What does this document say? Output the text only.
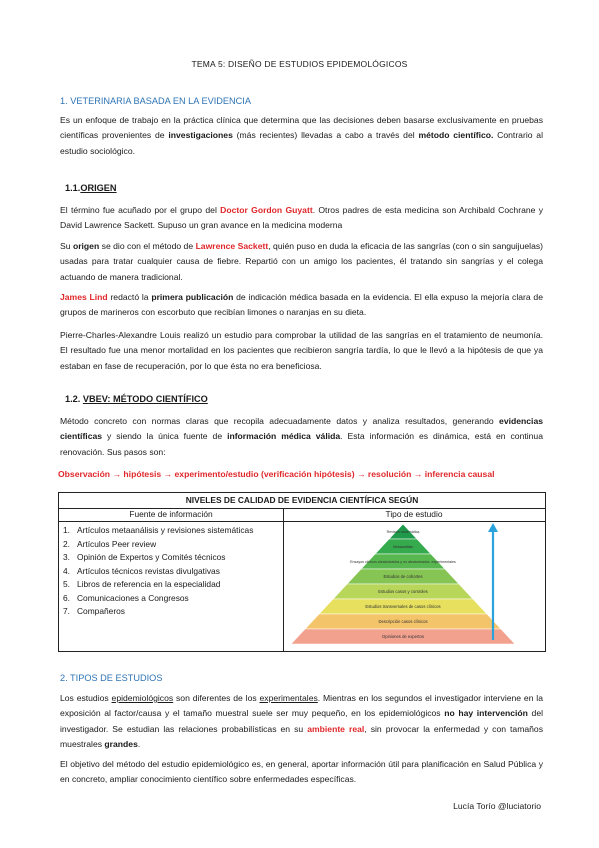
TEMA 5: DISEÑO DE ESTUDIOS EPIDEMOLÓGICOS
1. VETERINARIA BASADA EN LA EVIDENCIA
Es un enfoque de trabajo en la práctica clínica que determina que las decisiones deben basarse exclusivamente en pruebas científicas provenientes de investigaciones (más recientes) llevadas a cabo a través del método científico. Contrario al estudio sociológico.
1.1.ORIGEN
El término fue acuñado por el grupo del Doctor Gordon Guyatt. Otros padres de esta medicina son Archibald Cochrane y David Lawrence Sackett. Supuso un gran avance en la medicina moderna
Su origen se dio con el método de Lawrence Sackett, quién puso en duda la eficacia de las sangrías (con o sin sanguijuelas) usadas para tratar cualquier causa de fiebre. Repartió con un amigo los pacientes, él tratando sin sangrías y el colega actuando de manera tradicional.
James Lind redactó la primera publicación de indicación médica basada en la evidencia. El ella expuso la mejoría clara de grupos de marineros con escorbuto que recibían limones o naranjas en su dieta.
Pierre-Charles-Alexandre Louis realizó un estudio para comprobar la utilidad de las sangrías en el tratamiento de neumonía. El resultado fue una menor mortalidad en los pacientes que recibieron sangría tardía, lo que le llevó a la hipótesis de que ya estaban en fase de recuperación, por lo que ésta no era beneficiosa.
1.2. VBEV: MÉTODO CIENTÍFICO
Método concreto con normas claras que recopila adecuadamente datos y analiza resultados, generando evidencias científicas y siendo la única fuente de información médica válida. Esta información es dinámica, está en continua renovación. Sus pasos son:
Observación → hipótesis → experimento/estudio (verificación hipótesis) → resolución → inferencia causal
NIVELES DE CALIDAD DE EVIDENCIA CIENTÍFICA SEGÚN
Fuente de información	Tipo de estudio
1. Artículos metaanálisis y revisiones sistemáticas
2. Artículos Peer review
3. Opinión de Expertos y Comités técnicos
4. Artículos técnicos revistas divulgativas
5. Libros de referencia en la especialidad
6. Comunicaciones a Congresos
7. Compañeros
Revisión sistemática
Metaanálisis
Ensayos clínicos aleatorizados y no aleatorizados, experimentales
Estudios de cohortes
Estudios casos y controles
Estudios transversales de casos clínicos
Descripción casos clínicos
Opiniones de expertos
2. TIPOS DE ESTUDIOS
Los estudios epidemiológicos son diferentes de los experimentales. Mientras en los segundos el investigador interviene en la exposición al factor/causa y el tamaño muestral suele ser muy pequeño, en los epidemiológicos no hay intervención del investigador. Se estudian las relaciones probabilísticas en su ambiente real, sin provocar la enfermedad y con tamaños muestrales grandes.
El objetivo del método del estudio epidemiológico es, en general, aportar información útil para planificación en Salud Pública y en concreto, ampliar conocimiento científico sobre enfermedades específicas.
Lucía Torío @luciatorio
